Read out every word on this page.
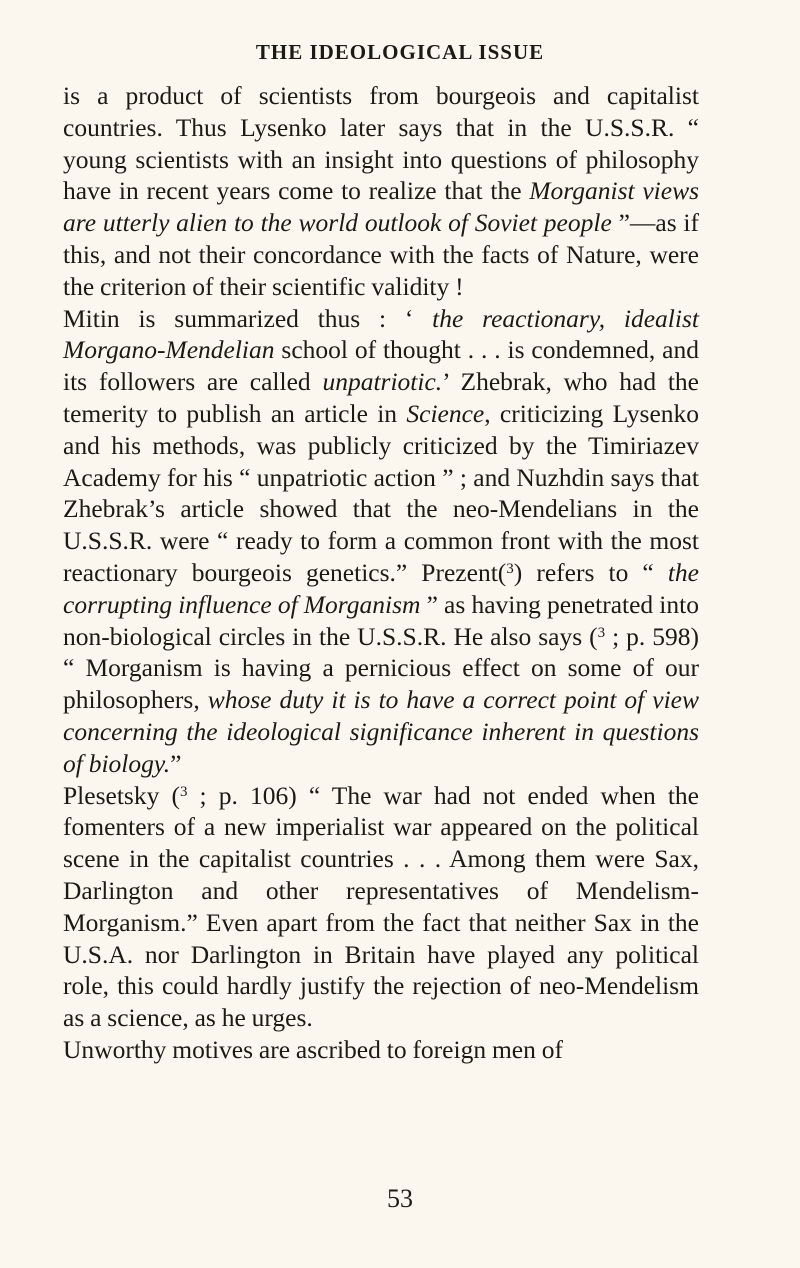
THE IDEOLOGICAL ISSUE

is a product of scientists from bourgeois and capitalist countries. Thus Lysenko later says that in the U.S.S.R. “ young scientists with an insight into questions of philosophy have in recent years come to realize that the Morganist views are utterly alien to the world outlook of Soviet people ”—as if this, and not their concordance with the facts of Nature, were the criterion of their scientific validity !

Mitin is summarized thus : ‘ the reactionary, idealist Morgano-Mendelian school of thought . . . is condemned, and its followers are called unpatriotic.’ Zhebrak, who had the temerity to publish an article in Science, criticizing Lysenko and his methods, was publicly criticized by the Timiriazev Academy for his “ unpatriotic action ” ; and Nuzhdin says that Zhebrak’s article showed that the neo-Mendelians in the U.S.S.R. were “ ready to form a common front with the most reactionary bourgeois genetics.” Prezent($^3$) refers to “ the corrupting influence of Morganism ” as having penetrated into non-biological circles in the U.S.S.R. He also says ($^3$ ; p. 598) “ Morganism is having a pernicious effect on some of our philosophers, whose duty it is to have a correct point of view concerning the ideological significance inherent in questions of biology.”

Plesetsky ($^3$ ; p. 106) “ The war had not ended when the fomenters of a new imperialist war appeared on the political scene in the capitalist countries . . . Among them were Sax, Darlington and other representatives of Mendelism-Morganism.” Even apart from the fact that neither Sax in the U.S.A. nor Darlington in Britain have played any political role, this could hardly justify the rejection of neo-Mendelism as a science, as he urges.

Unworthy motives are ascribed to foreign men of

53
